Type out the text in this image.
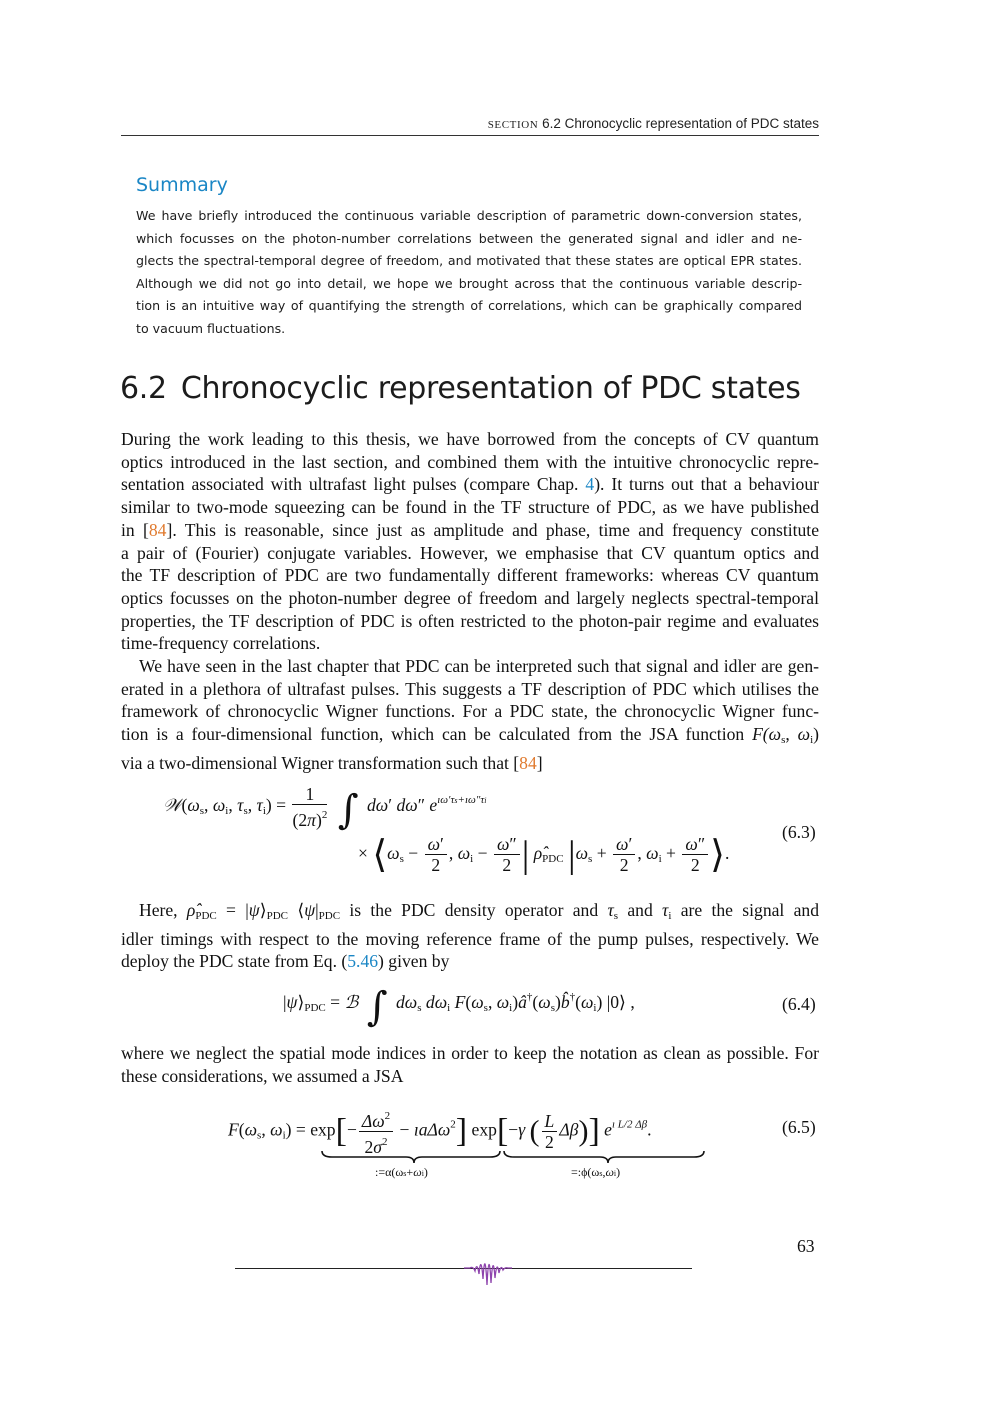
SECTION 6.2 Chronocyclic representation of PDC states
Summary
We have briefly introduced the continuous variable description of parametric down-conversion states,
which focusses on the photon-number correlations between the generated signal and idler and ne-
glects the spectral-temporal degree of freedom, and motivated that these states are optical EPR states.
Although we did not go into detail, we hope we brought across that the continuous variable descrip-
tion is an intuitive way of quantifying the strength of correlations, which can be graphically compared
to vacuum fluctuations.
6.2 Chronocyclic representation of PDC states
During the work leading to this thesis, we have borrowed from the concepts of CV quantum
optics introduced in the last section, and combined them with the intuitive chronocyclic repre-
sentation associated with ultrafast light pulses (compare Chap. 4). It turns out that a behaviour
similar to two-mode squeezing can be found in the TF structure of PDC, as we have published
in [84]. This is reasonable, since just as amplitude and phase, time and frequency constitute
a pair of (Fourier) conjugate variables. However, we emphasise that CV quantum optics and
the TF description of PDC are two fundamentally different frameworks: whereas CV quantum
optics focusses on the photon-number degree of freedom and largely neglects spectral-temporal
properties, the TF description of PDC is often restricted to the photon-pair regime and evaluates
time-frequency correlations.
We have seen in the last chapter that PDC can be interpreted such that signal and idler are gen-
erated in a plethora of ultrafast pulses. This suggests a TF description of PDC which utilises the
framework of chronocyclic Wigner functions. For a PDC state, the chronocyclic Wigner func-
tion is a four-dimensional function, which can be calculated from the JSA function $F(\omega_s$, $\omega_i$)
via a two-dimensional Wigner transformation such that [84]
$𝒲(\omega_s$, $\omega_i$, $\tau_s$, $\tau_i) = \frac{1}{(2\pi)^2}$ ∫ dω′ dω″ $e^{ı\omega'\tau s+ı\omega''\tau i}$
× $⟨\omega_s - \frac{\omega'}{2}$ , $\omega_i - \frac{\omega''}{2}$ | $\rhô_{PDC}$ $|\omega_s + \frac{\omega'}{2}$ , $\omega_i + \frac{\omega''}{2}$ ⟩.
(6.3)
Here, $\rhô_{PDC}$ = $|\psi⟩_{PDC}$ $⟨\psi|_{PDC}$ is the PDC density operator and $\tau_s$ and $\tau_i$ are the signal and
idler timings with respect to the moving reference frame of the pump pulses, respectively. We
deploy the PDC state from Eq. (5.46) given by
$|\psi⟩_{PDC}$ = ℬ ∫ $d\omega_s$ $d\omega_i$ $F(\omega_s$, $\omega_i)â^\dagger(\omega_s)b̂^\dagger(\omega_i)$ |0⟩ ,	(6.4)
where we neglect the spatial mode indices in order to keep the notation as clean as possible. For
these considerations, we assumed a JSA
$F(\omega_s$, $\omega_i) = \exp[- \frac{\Delta\omega^2}{2\sigma^2}$ − ıaΔω$^2$] exp[−γ ( $\frac{L}{2} \Delta\beta$)] $e^{ı L/2 \Delta\beta}$.	(6.5)
:=α(ωs+ωi)	=:ϕ(ωs,ωi)
63
